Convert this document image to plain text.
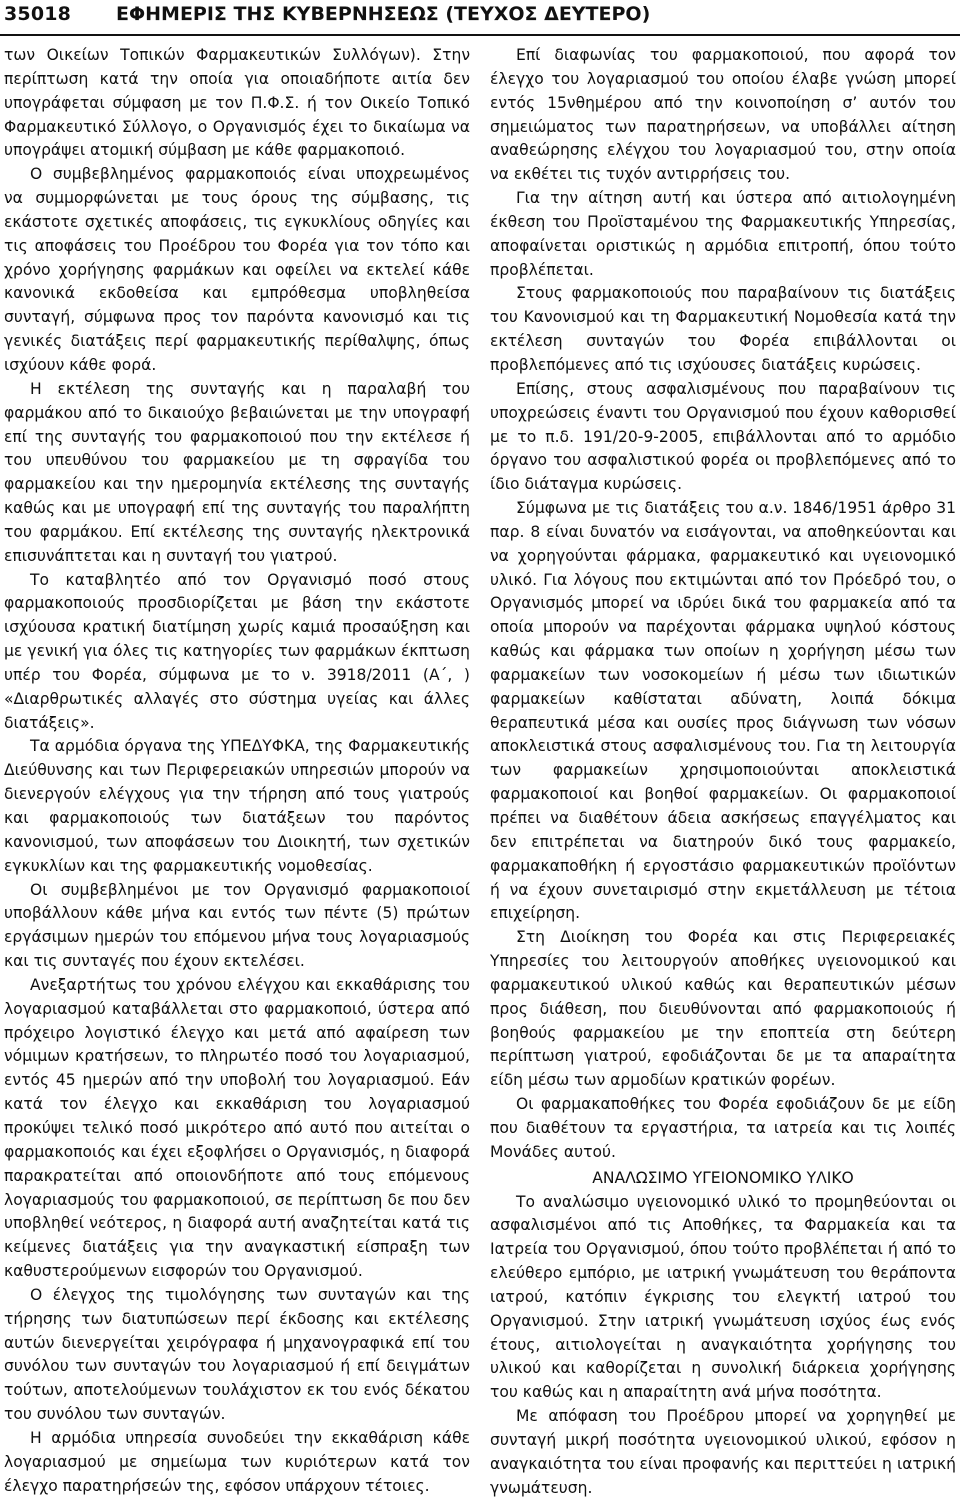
35018 ΕΦΗΜΕΡΙΣ ΤΗΣ ΚΥΒΕΡΝΗΣΕΩΣ (ΤΕΥΧΟΣ ΔΕΥΤΕΡΟ)

των Οικείων Τοπικών Φαρμακευτικών Συλλόγων). Στην περίπτωση κατά την οποία για οποιαδήποτε αιτία δεν υπογράφεται σύμφαση με τον Π.Φ.Σ. ή τον Οικείο Τοπικό Φαρμακευτικό Σύλλογο, ο Οργανισμός έχει το δικαίωμα να υπογράψει ατομική σύμβαση με κάθε φαρμακοποιό.

Ο συμβεβλημένος φαρμακοποιός είναι υποχρεωμένος να συμμορφώνεται με τους όρους της σύμβασης, τις εκάστοτε σχετικές αποφάσεις, τις εγκυκλίους οδηγίες και τις αποφάσεις του Προέδρου του Φορέα για τον τόπο και χρόνο χορήγησης φαρμάκων και οφείλει να εκτελεί κάθε κανονικά εκδοθείσα και εμπρόθεσμα υποβληθείσα συνταγή, σύμφωνα προς τον παρόντα κανονισμό και τις γενικές διατάξεις περί φαρμακευτικής περίθαλψης, όπως ισχύουν κάθε φορά.

Η εκτέλεση της συνταγής και η παραλαβή του φαρμάκου από το δικαιούχο βεβαιώνεται με την υπογραφή επί της συνταγής του φαρμακοποιού που την εκτέλεσε ή του υπευθύνου του φαρμακείου με τη σφραγίδα του φαρμακείου και την ημερομηνία εκτέλεσης της συνταγής καθώς και με υπογραφή επί της συνταγής του παραλήπτη του φαρμάκου. Επί εκτέλεσης της συνταγής ηλεκτρονικά επισυνάπτεται και η συνταγή του γιατρού.

Το καταβλητέο από τον Οργανισμό ποσό στους φαρμακοποιούς προσδιορίζεται με βάση την εκάστοτε ισχύουσα κρατική διατίμηση χωρίς καμιά προσαύξηση και με γενική για όλες τις κατηγορίες των φαρμάκων έκπτωση υπέρ του Φορέα, σύμφωνα με το ν. 3918/2011 (Α΄, ) «Διαρθρωτικές αλλαγές στο σύστημα υγείας και άλλες διατάξεις».

Τα αρμόδια όργανα της ΥΠΕΔΥΦΚΑ, της Φαρμακευτικής Διεύθυνσης και των Περιφερειακών υπηρεσιών μπορούν να διενεργούν ελέγχους για την τήρηση από τους γιατρούς και φαρμακοποιούς των διατάξεων του παρόντος κανονισμού, των αποφάσεων του Διοικητή, των σχετικών εγκυκλίων και της φαρμακευτικής νομοθεσίας.

Οι συμβεβλημένοι με τον Οργανισμό φαρμακοποιοί υποβάλλουν κάθε μήνα και εντός των πέντε (5) πρώτων εργάσιμων ημερών του επόμενου μήνα τους λογαριασμούς και τις συνταγές που έχουν εκτελέσει.

Ανεξαρτήτως του χρόνου ελέγχου και εκκαθάρισης του λογαριασμού καταβάλλεται στο φαρμακοποιό, ύστερα από πρόχειρο λογιστικό έλεγχο και μετά από αφαίρεση των νόμιμων κρατήσεων, το πληρωτέο ποσό του λογαριασμού, εντός 45 ημερών από την υποβολή του λογαριασμού. Εάν κατά τον έλεγχο και εκκαθάριση του λογαριασμού προκύψει τελικό ποσό μικρότερο από αυτό που αιτείται ο φαρμακοποιός και έχει εξοφλήσει ο Οργανισμός, η διαφορά παρακρατείται από οποιονδήποτε από τους επόμενους λογαριασμούς του φαρμακοποιού, σε περίπτωση δε που δεν υποβληθεί νεότερος, η διαφορά αυτή αναζητείται κατά τις κείμενες διατάξεις για την αναγκαστική είσπραξη των καθυστερούμενων εισφορών του Οργανισμού.

Ο έλεγχος της τιμολόγησης των συνταγών και της τήρησης των διατυπώσεων περί έκδοσης και εκτέλεσης αυτών διενεργείται χειρόγραφα ή μηχανογραφικά επί του συνόλου των συνταγών του λογαριασμού ή επί δειγμάτων τούτων, αποτελούμενων τουλάχιστον εκ του ενός δέκατου του συνόλου των συνταγών.

Η αρμόδια υπηρεσία συνοδεύει την εκκαθάριση κάθε λογαριασμού με σημείωμα των κυριότερων κατά τον έλεγχο παρατηρήσεών της, εφόσον υπάρχουν τέτοιες.

Επί διαφωνίας του φαρμακοποιού, που αφορά τον έλεγχο του λογαριασμού του οποίου έλαβε γνώση μπορεί εντός 15νθημέρου από την κοινοποίηση σ’ αυτόν του σημειώματος των παρατηρήσεων, να υποβάλλει αίτηση αναθεώρησης ελέγχου του λογαριασμού του, στην οποία να εκθέτει τις τυχόν αντιρρήσεις του.

Για την αίτηση αυτή και ύστερα από αιτιολογημένη έκθεση του Προϊσταμένου της Φαρμακευτικής Υπηρεσίας, αποφαίνεται οριστικώς η αρμόδια επιτροπή, όπου τούτο προβλέπεται.

Στους φαρμακοποιούς που παραβαίνουν τις διατάξεις του Κανονισμού και τη Φαρμακευτική Νομοθεσία κατά την εκτέλεση συνταγών του Φορέα επιβάλλονται οι προβλεπόμενες από τις ισχύουσες διατάξεις κυρώσεις.

Επίσης, στους ασφαλισμένους που παραβαίνουν τις υποχρεώσεις έναντι του Οργανισμού που έχουν καθορισθεί με το π.δ. 191/20-9-2005, επιβάλλονται από το αρμόδιο όργανο του ασφαλιστικού φορέα οι προβλεπόμενες από το ίδιο διάταγμα κυρώσεις.

Σύμφωνα με τις διατάξεις του α.ν. 1846/1951 άρθρο 31 παρ. 8 είναι δυνατόν να εισάγονται, να αποθηκεύονται και να χορηγούνται φάρμακα, φαρμακευτικό και υγειονομικό υλικό. Για λόγους που εκτιμώνται από τον Πρόεδρό του, ο Οργανισμός μπορεί να ιδρύει δικά του φαρμακεία από τα οποία μπορούν να παρέχονται φάρμακα υψηλού κόστους καθώς και φάρμακα των οποίων η χορήγηση μέσω των φαρμακείων των νοσοκομείων ή μέσω των ιδιωτικών φαρμακείων καθίσταται αδύνατη, λοιπά δόκιμα θεραπευτικά μέσα και ουσίες προς διάγνωση των νόσων αποκλειστικά στους ασφαλισμένους του. Για τη λειτουργία των φαρμακείων χρησιμοποιούνται αποκλειστικά φαρμακοποιοί και βοηθοί φαρμακείων. Οι φαρμακοποιοί πρέπει να διαθέτουν άδεια ασκήσεως επαγγέλματος και δεν επιτρέπεται να διατηρούν δικό τους φαρμακείο, φαρμακαποθήκη ή εργοστάσιο φαρμακευτικών προϊόντων ή να έχουν συνεταιρισμό στην εκμετάλλευση με τέτοια επιχείρηση.

Στη Διοίκηση του Φορέα και στις Περιφερειακές Υπηρεσίες του λειτουργούν αποθήκες υγειονομικού και φαρμακευτικού υλικού καθώς και θεραπευτικών μέσων προς διάθεση, που διευθύνονται από φαρμακοποιούς ή βοηθούς φαρμακείου με την εποπτεία στη δεύτερη περίπτωση γιατρού, εφοδιάζονται δε με τα απαραίτητα είδη μέσω των αρμοδίων κρατικών φορέων.

Οι φαρμακαποθήκες του Φορέα εφοδιάζουν δε με είδη που διαθέτουν τα εργαστήρια, τα ιατρεία και τις λοιπές Μονάδες αυτού.

ΑΝΑΛΩΣΙΜΟ ΥΓΕΙΟΝΟΜΙΚΟ ΥΛΙΚΟ

Το αναλώσιμο υγειονομικό υλικό το προμηθεύονται οι ασφαλισμένοι από τις Αποθήκες, τα Φαρμακεία και τα Ιατρεία του Οργανισμού, όπου τούτο προβλέπεται ή από το ελεύθερο εμπόριο, με ιατρική γνωμάτευση του θεράποντα ιατρού, κατόπιν έγκρισης του ελεγκτή ιατρού του Οργανισμού. Στην ιατρική γνωμάτευση ισχύος έως ενός έτους, αιτιολογείται η αναγκαιότητα χορήγησης του υλικού και καθορίζεται η συνολική διάρκεια χορήγησης του καθώς και η απαραίτητη ανά μήνα ποσότητα.

Με απόφαση του Προέδρου μπορεί να χορηγηθεί με συνταγή μικρή ποσότητα υγειονομικού υλικού, εφόσον η αναγκαιότητα του είναι προφανής και περιττεύει η ιατρική γνωμάτευση.
